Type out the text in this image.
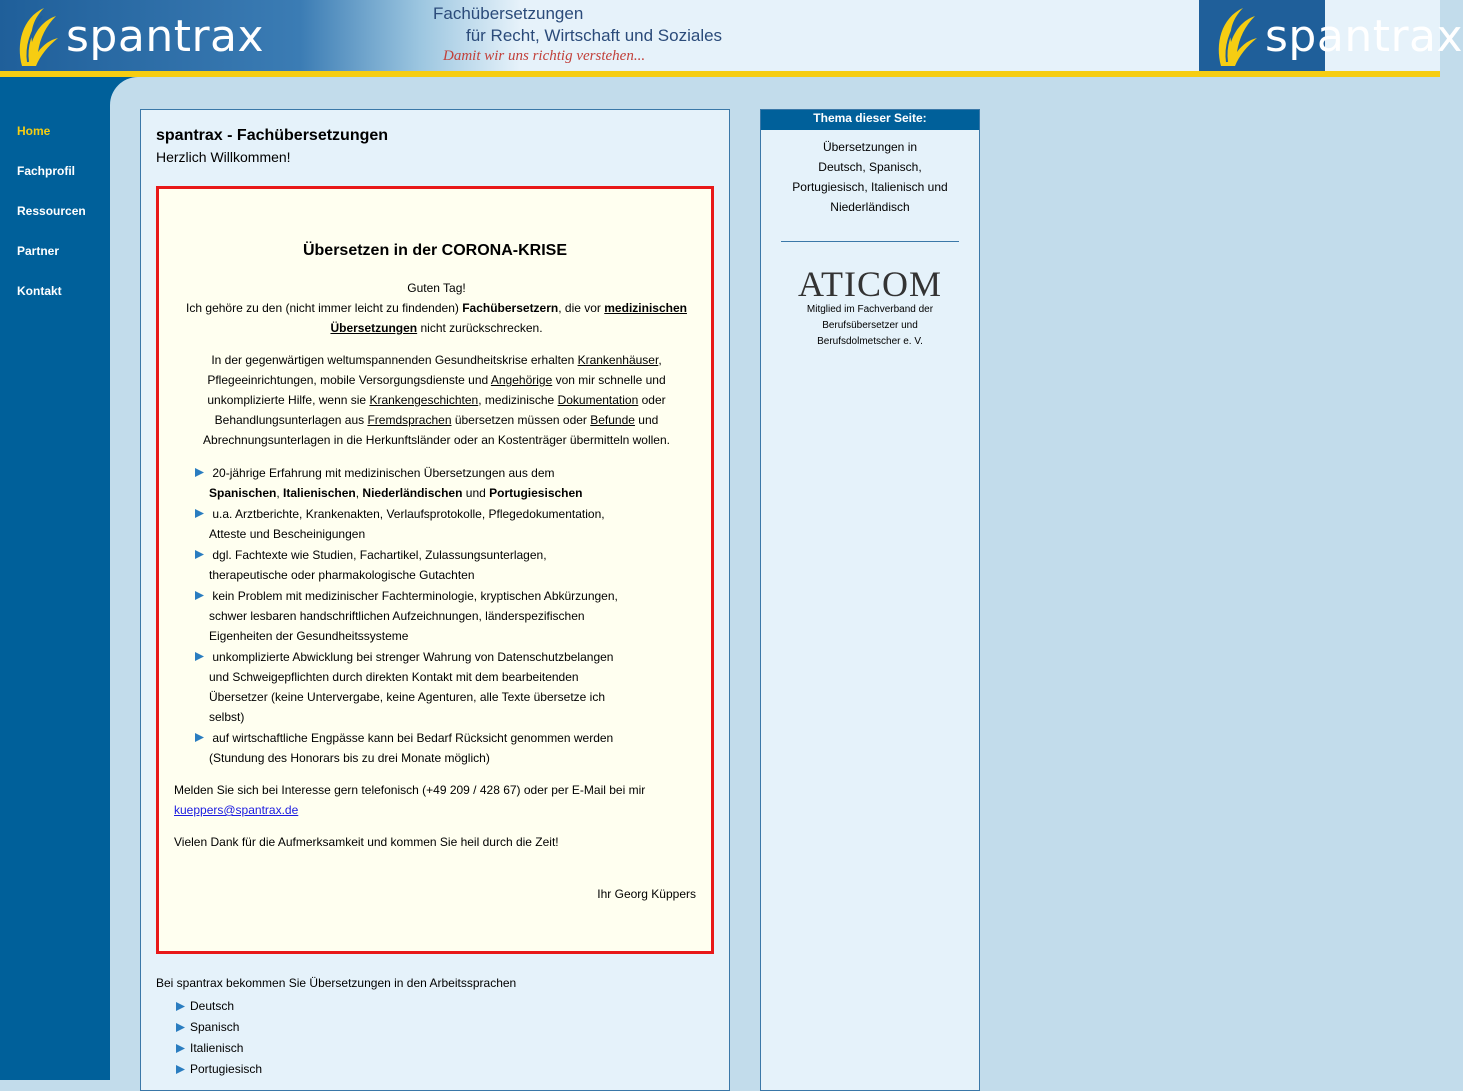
spantrax	Fachübersetzungen
für Recht, Wirtschaft und Soziales
Damit wir uns richtig verstehen...	spantrax
Home
Fachprofil
Ressourcen
Partner
Kontakt
spantrax - Fachübersetzungen
Herzlich Willkommen!
Übersetzen in der CORONA-KRISE
Guten Tag!
Ich gehöre zu den (nicht immer leicht zu findenden) Fachübersetzern, die vor medizinischen Übersetzungen nicht zurückschrecken.
In der gegenwärtigen weltumspannenden Gesundheitskrise erhalten Krankenhäuser, Pflegeeinrichtungen, mobile Versorgungsdienste und Angehörige von mir schnelle und unkomplizierte Hilfe, wenn sie Krankengeschichten, medizinische Dokumentation oder Behandlungsunterlagen aus Fremdsprachen übersetzen müssen oder Befunde und Abrechnungsunterlagen in die Herkunftsländer oder an Kostenträger übermitteln wollen.
20-jährige Erfahrung mit medizinischen Übersetzungen aus dem Spanischen, Italienischen, Niederländischen und Portugiesischen
u.a. Arztberichte, Krankenakten, Verlaufsprotokolle, Pflegedokumentation, Atteste und Bescheinigungen
dgl. Fachtexte wie Studien, Fachartikel, Zulassungsunterlagen, therapeutische oder pharmakologische Gutachten
kein Problem mit medizinischer Fachterminologie, kryptischen Abkürzungen, schwer lesbaren handschriftlichen Aufzeichnungen, länderspezifischen Eigenheiten der Gesundheitssysteme
unkomplizierte Abwicklung bei strenger Wahrung von Datenschutzbelangen und Schweigepflichten durch direkten Kontakt mit dem bearbeitenden Übersetzer (keine Untervergabe, keine Agenturen, alle Texte übersetze ich selbst)
auf wirtschaftliche Engpässe kann bei Bedarf Rücksicht genommen werden (Stundung des Honorars bis zu drei Monate möglich)
Melden Sie sich bei Interesse gern telefonisch (+49 209 / 428 67) oder per E-Mail bei mir kueppers@spantrax.de
Vielen Dank für die Aufmerksamkeit und kommen Sie heil durch die Zeit!
Ihr Georg Küppers
Bei spantrax bekommen Sie Übersetzungen in den Arbeitssprachen
Deutsch
Spanisch
Italienisch
Portugiesisch
Thema dieser Seite:
Übersetzungen in
Deutsch, Spanisch,
Portugiesisch, Italienisch und
Niederländisch
ATICOM
Mitglied im Fachverband der
Berufsübersetzer und
Berufsdolmetscher e. V.
